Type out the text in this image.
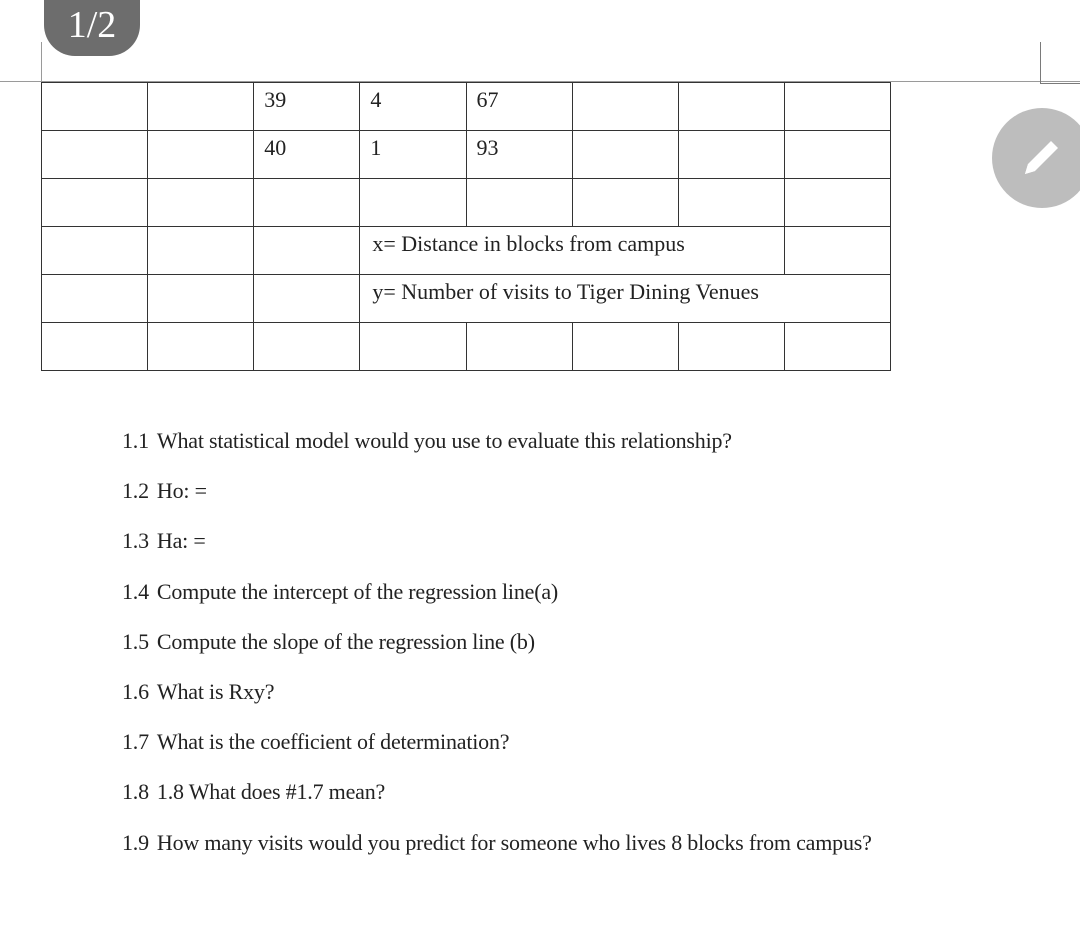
1/2
		39	4	67			
		40	1	93			

			x= Distance in blocks from campus				
			y= Number of visits to Tiger Dining Venues				

1.1 What statistical model would you use to evaluate this relationship?
1.2 Ho: =
1.3 Ha: =
1.4 Compute the intercept of the regression line(a)
1.5 Compute the slope of the regression line (b)
1.6 What is Rxy?
1.7 What is the coefficient of determination?
1.8 1.8 What does #1.7 mean?
1.9 How many visits would you predict for someone who lives 8 blocks from campus?
